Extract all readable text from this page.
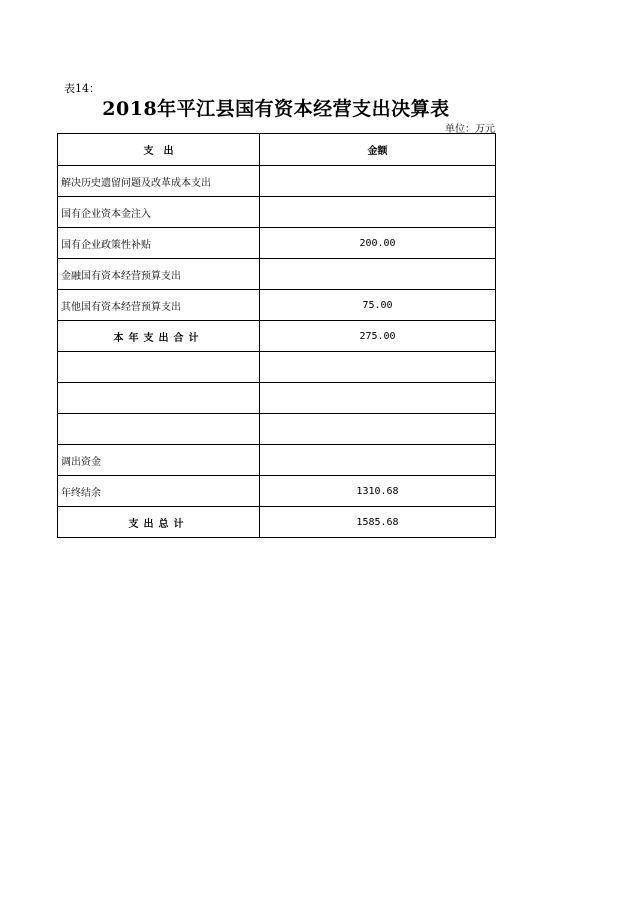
表14：
2018年平江县国有资本经营支出决算表
单位：万元
支　出	金额
解决历史遗留问题及改革成本支出	
国有企业资本金注入	
国有企业政策性补贴	200.00
金融国有资本经营预算支出	
其他国有资本经营预算支出	75.00
本年支出合计	275.00

调出资金	
年终结余	1310.68
支出总计	1585.68
